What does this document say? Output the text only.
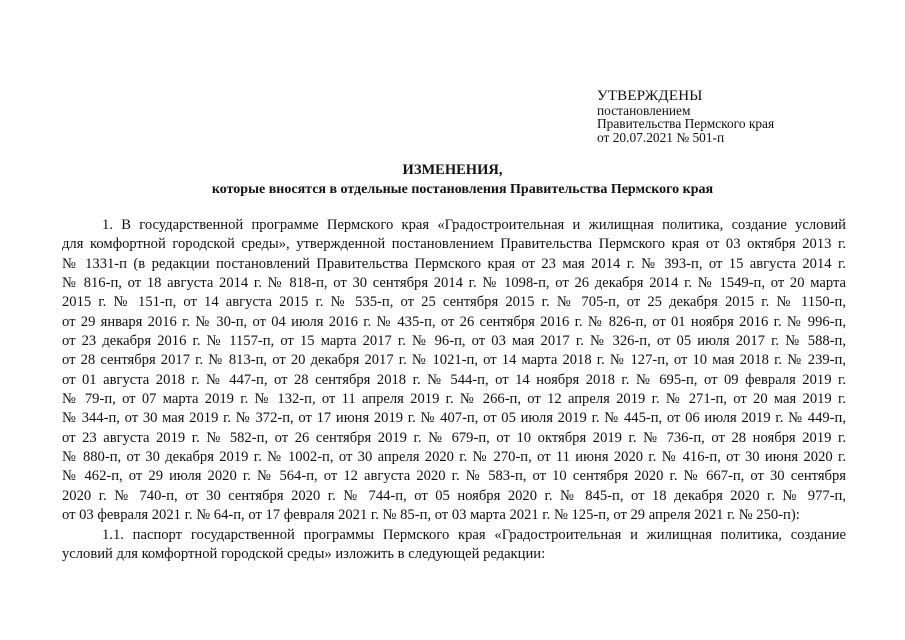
УТВЕРЖДЕНЫ
постановлением
Правительства Пермского края
от 20.07.2021 № 501-п
ИЗМЕНЕНИЯ,
которые вносятся в отдельные постановления Правительства Пермского края
1. В государственной программе Пермского края «Градостроительная и жилищная политика, создание условий
для комфортной городской среды», утвержденной постановлением Правительства Пермского края от 03 октября 2013 г.
№ 1331-п (в редакции постановлений Правительства Пермского края от 23 мая 2014 г. № 393-п, от 15 августа 2014 г.
№ 816-п, от 18 августа 2014 г. № 818-п, от 30 сентября 2014 г. № 1098-п, от 26 декабря 2014 г. № 1549-п, от 20 марта
2015 г. № 151-п, от 14 августа 2015 г. № 535-п, от 25 сентября 2015 г. № 705-п, от 25 декабря 2015 г. № 1150-п,
от 29 января 2016 г. № 30-п, от 04 июля 2016 г. № 435-п, от 26 сентября 2016 г. № 826-п, от 01 ноября 2016 г. № 996-п,
от 23 декабря 2016 г. № 1157-п, от 15 марта 2017 г. № 96-п, от 03 мая 2017 г. № 326-п, от 05 июля 2017 г. № 588-п,
от 28 сентября 2017 г. № 813-п, от 20 декабря 2017 г. № 1021-п, от 14 марта 2018 г. № 127-п, от 10 мая 2018 г. № 239-п,
от 01 августа 2018 г. № 447-п, от 28 сентября 2018 г. № 544-п, от 14 ноября 2018 г. № 695-п, от 09 февраля 2019 г.
№ 79-п, от 07 марта 2019 г. № 132-п, от 11 апреля 2019 г. № 266-п, от 12 апреля 2019 г. № 271-п, от 20 мая 2019 г.
№ 344-п, от 30 мая 2019 г. № 372-п, от 17 июня 2019 г. № 407-п, от 05 июля 2019 г. № 445-п, от 06 июля 2019 г. № 449-п,
от 23 августа 2019 г. № 582-п, от 26 сентября 2019 г. № 679-п, от 10 октября 2019 г. № 736-п, от 28 ноября 2019 г.
№ 880-п, от 30 декабря 2019 г. № 1002-п, от 30 апреля 2020 г. № 270-п, от 11 июня 2020 г. № 416-п, от 30 июня 2020 г.
№ 462-п, от 29 июля 2020 г. № 564-п, от 12 августа 2020 г. № 583-п, от 10 сентября 2020 г. № 667-п, от 30 сентября
2020 г. № 740-п, от 30 сентября 2020 г. № 744-п, от 05 ноября 2020 г. № 845-п, от 18 декабря 2020 г. № 977-п,
от 03 февраля 2021 г. № 64-п, от 17 февраля 2021 г. № 85-п, от 03 марта 2021 г. № 125-п, от 29 апреля 2021 г. № 250-п):
1.1. паспорт государственной программы Пермского края «Градостроительная и жилищная политика, создание
условий для комфортной городской среды» изложить в следующей редакции:
